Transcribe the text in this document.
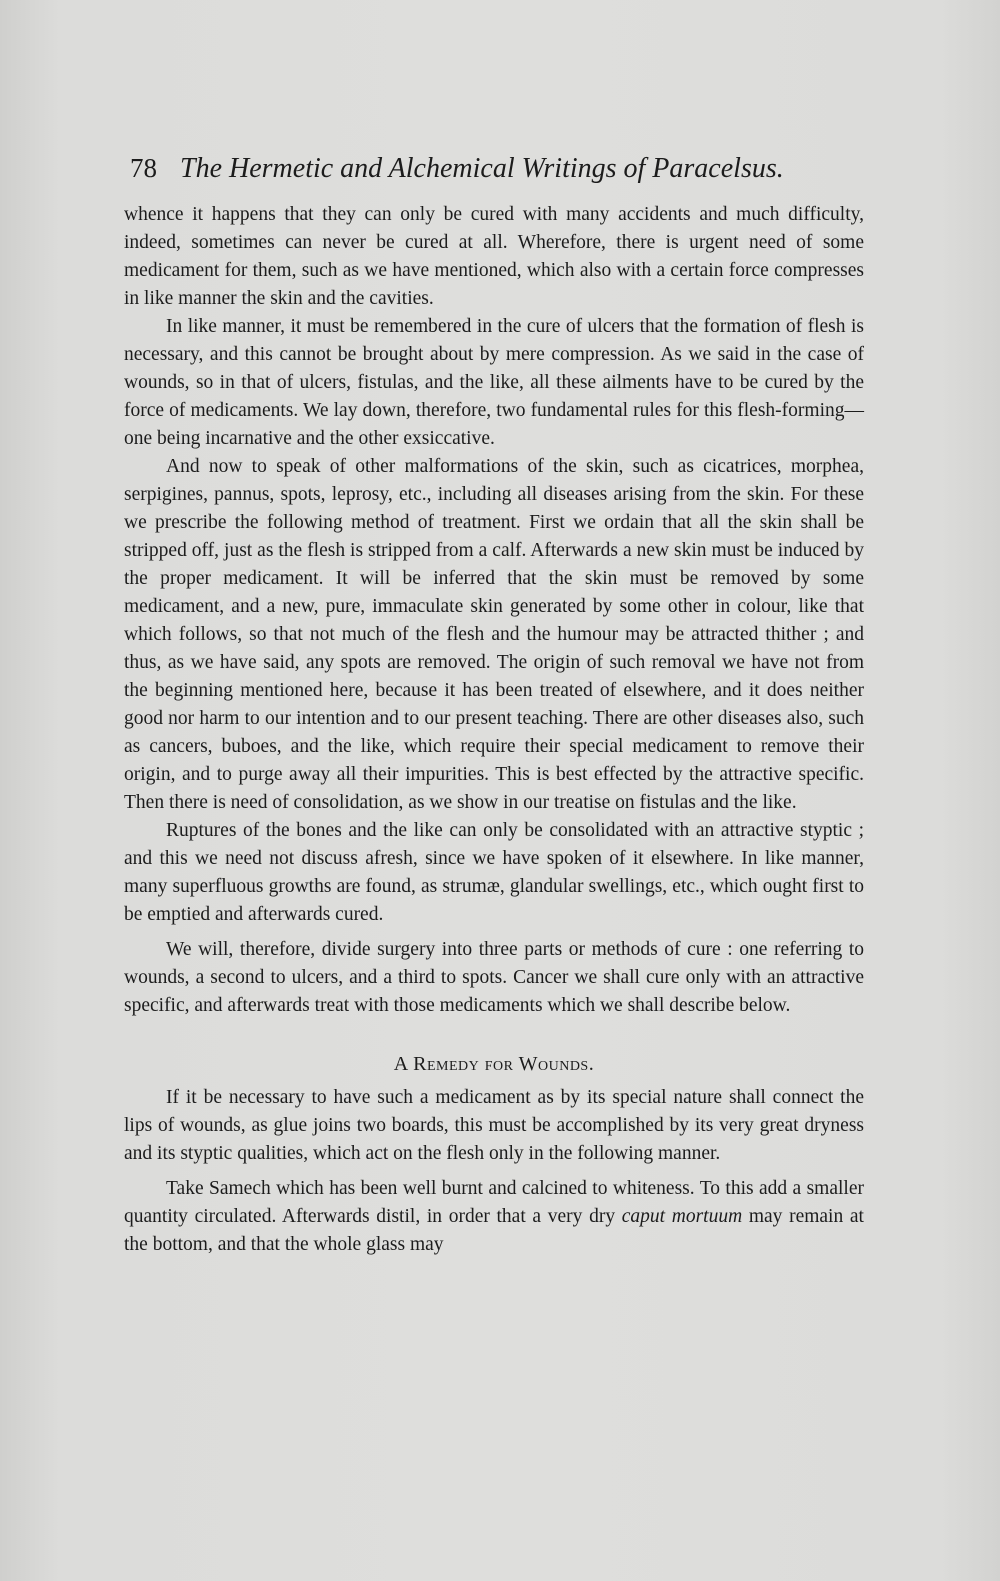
78 The Hermetic and Alchemical Writings of Paracelsus.

whence it happens that they can only be cured with many accidents and much difficulty, indeed, sometimes can never be cured at all. Wherefore, there is urgent need of some medicament for them, such as we have mentioned, which also with a certain force compresses in like manner the skin and the cavities.

In like manner, it must be remembered in the cure of ulcers that the formation of flesh is necessary, and this cannot be brought about by mere compression. As we said in the case of wounds, so in that of ulcers, fistulas, and the like, all these ailments have to be cured by the force of medicaments. We lay down, therefore, two fundamental rules for this flesh-forming—one being incarnative and the other exsiccative.

And now to speak of other malformations of the skin, such as cicatrices, morphea, serpigines, pannus, spots, leprosy, etc., including all diseases arising from the skin. For these we prescribe the following method of treatment. First we ordain that all the skin shall be stripped off, just as the flesh is stripped from a calf. Afterwards a new skin must be induced by the proper medicament. It will be inferred that the skin must be removed by some medicament, and a new, pure, immaculate skin generated by some other in colour, like that which follows, so that not much of the flesh and the humour may be attracted thither ; and thus, as we have said, any spots are removed. The origin of such removal we have not from the beginning mentioned here, because it has been treated of elsewhere, and it does neither good nor harm to our intention and to our present teaching. There are other diseases also, such as cancers, buboes, and the like, which require their special medicament to remove their origin, and to purge away all their impurities. This is best effected by the attractive specific. Then there is need of consolidation, as we show in our treatise on fistulas and the like.

Ruptures of the bones and the like can only be consolidated with an attractive styptic ; and this we need not discuss afresh, since we have spoken of it elsewhere. In like manner, many superfluous growths are found, as strumæ, glandular swellings, etc., which ought first to be emptied and afterwards cured.

We will, therefore, divide surgery into three parts or methods of cure : one referring to wounds, a second to ulcers, and a third to spots. Cancer we shall cure only with an attractive specific, and afterwards treat with those medicaments which we shall describe below.

A Remedy for Wounds.

If it be necessary to have such a medicament as by its special nature shall connect the lips of wounds, as glue joins two boards, this must be accomplished by its very great dryness and its styptic qualities, which act on the flesh only in the following manner.

Take Samech which has been well burnt and calcined to whiteness. To this add a smaller quantity circulated. Afterwards distil, in order that a very dry caput mortuum may remain at the bottom, and that the whole glass may
